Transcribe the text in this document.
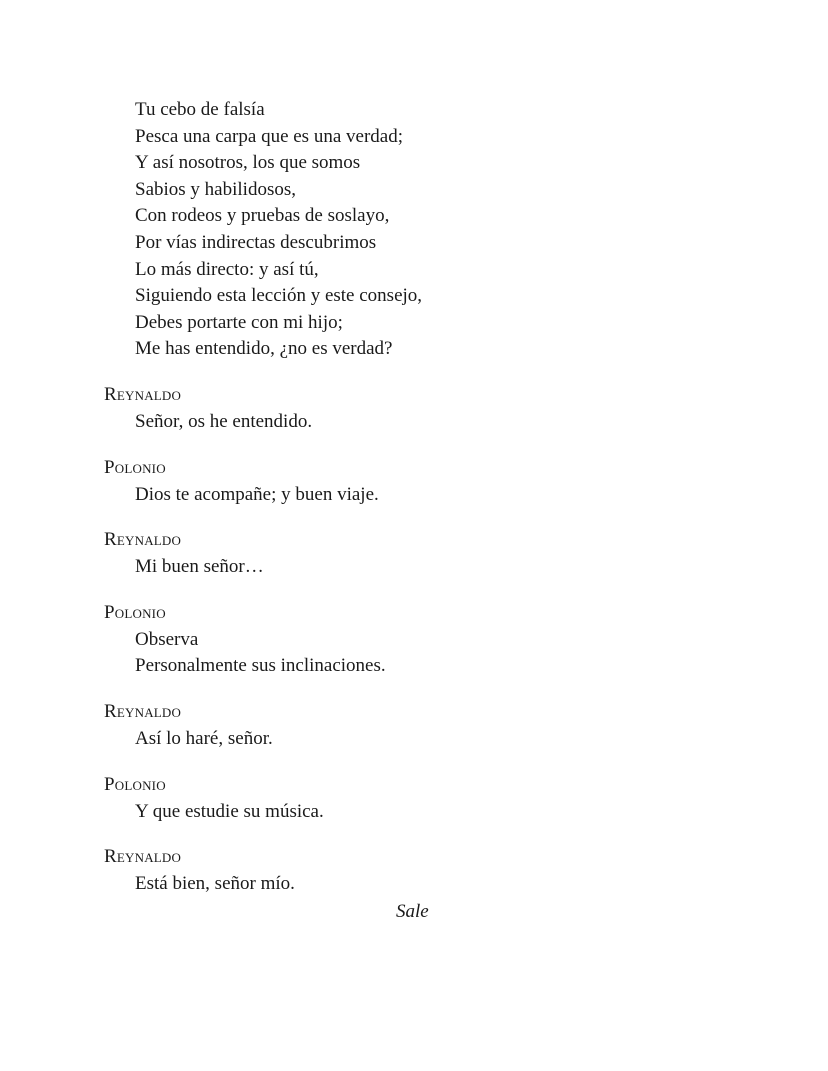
Tu cebo de falsía
Pesca una carpa que es una verdad;
Y así nosotros, los que somos
Sabios y habilidosos,
Con rodeos y pruebas de soslayo,
Por vías indirectas descubrimos
Lo más directo: y así tú,
Siguiendo esta lección y este consejo,
Debes portarte con mi hijo;
Me has entendido, ¿no es verdad?
Reynaldo
Señor, os he entendido.
Polonio
Dios te acompañe; y buen viaje.
Reynaldo
Mi buen señor…
Polonio
Observa
Personalmente sus inclinaciones.
Reynaldo
Así lo haré, señor.
Polonio
Y que estudie su música.
Reynaldo
Está bien, señor mío.
Sale
